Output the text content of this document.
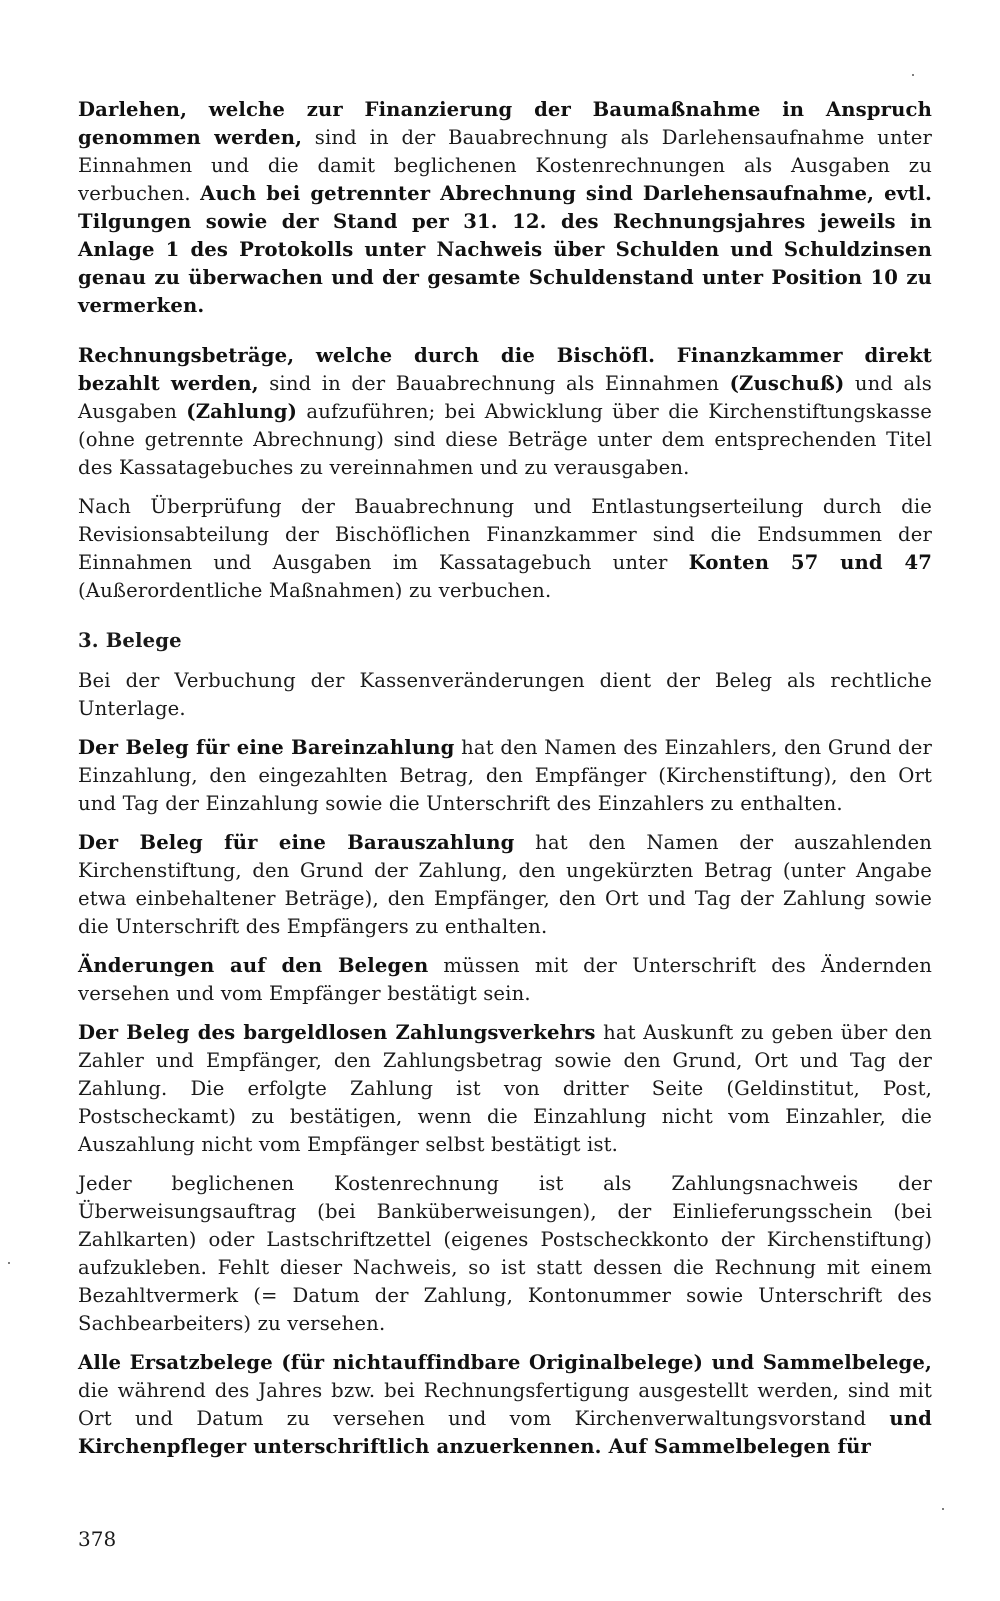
Darlehen, welche zur Finanzierung der Baumaßnahme in Anspruch genommen werden, sind in der Bauabrechnung als Darlehensaufnahme unter Einnahmen und die damit beglichenen Kostenrechnungen als Ausgaben zu verbuchen. Auch bei getrennter Abrechnung sind Darlehensaufnahme, evtl. Tilgungen sowie der Stand per 31. 12. des Rechnungsjahres jeweils in Anlage 1 des Protokolls unter Nachweis über Schulden und Schuldzinsen genau zu überwachen und der gesamte Schuldenstand unter Position 10 zu vermerken.

Rechnungsbeträge, welche durch die Bischöfl. Finanzkammer direkt bezahlt werden, sind in der Bauabrechnung als Einnahmen (Zuschuß) und als Ausgaben (Zahlung) aufzuführen; bei Abwicklung über die Kirchenstiftungskasse (ohne getrennte Abrechnung) sind diese Beträge unter dem entsprechenden Titel des Kassatagebuches zu vereinnahmen und zu verausgaben.

Nach Überprüfung der Bauabrechnung und Entlastungserteilung durch die Revisionsabteilung der Bischöflichen Finanzkammer sind die Endsummen der Einnahmen und Ausgaben im Kassatagebuch unter Konten 57 und 47 (Außerordentliche Maßnahmen) zu verbuchen.

3. Belege

Bei der Verbuchung der Kassenveränderungen dient der Beleg als rechtliche Unterlage.

Der Beleg für eine Bareinzahlung hat den Namen des Einzahlers, den Grund der Einzahlung, den eingezahlten Betrag, den Empfänger (Kirchenstiftung), den Ort und Tag der Einzahlung sowie die Unterschrift des Einzahlers zu enthalten.

Der Beleg für eine Barauszahlung hat den Namen der auszahlenden Kirchenstiftung, den Grund der Zahlung, den ungekürzten Betrag (unter Angabe etwa einbehaltener Beträge), den Empfänger, den Ort und Tag der Zahlung sowie die Unterschrift des Empfängers zu enthalten.

Änderungen auf den Belegen müssen mit der Unterschrift des Ändernden versehen und vom Empfänger bestätigt sein.

Der Beleg des bargeldlosen Zahlungsverkehrs hat Auskunft zu geben über den Zahler und Empfänger, den Zahlungsbetrag sowie den Grund, Ort und Tag der Zahlung. Die erfolgte Zahlung ist von dritter Seite (Geldinstitut, Post, Postscheckamt) zu bestätigen, wenn die Einzahlung nicht vom Einzahler, die Auszahlung nicht vom Empfänger selbst bestätigt ist.

Jeder beglichenen Kostenrechnung ist als Zahlungsnachweis der Überweisungsauftrag (bei Banküberweisungen), der Einlieferungsschein (bei Zahlkarten) oder Lastschriftzettel (eigenes Postscheckkonto der Kirchenstiftung) aufzukleben. Fehlt dieser Nachweis, so ist statt dessen die Rechnung mit einem Bezahltvermerk (= Datum der Zahlung, Kontonummer sowie Unterschrift des Sachbearbeiters) zu versehen.

Alle Ersatzbelege (für nichtauffindbare Originalbelege) und Sammelbelege, die während des Jahres bzw. bei Rechnungsfertigung ausgestellt werden, sind mit Ort und Datum zu versehen und vom Kirchenverwaltungsvorstand und Kirchenpfleger unterschriftlich anzuerkennen. Auf Sammelbelegen für

378
